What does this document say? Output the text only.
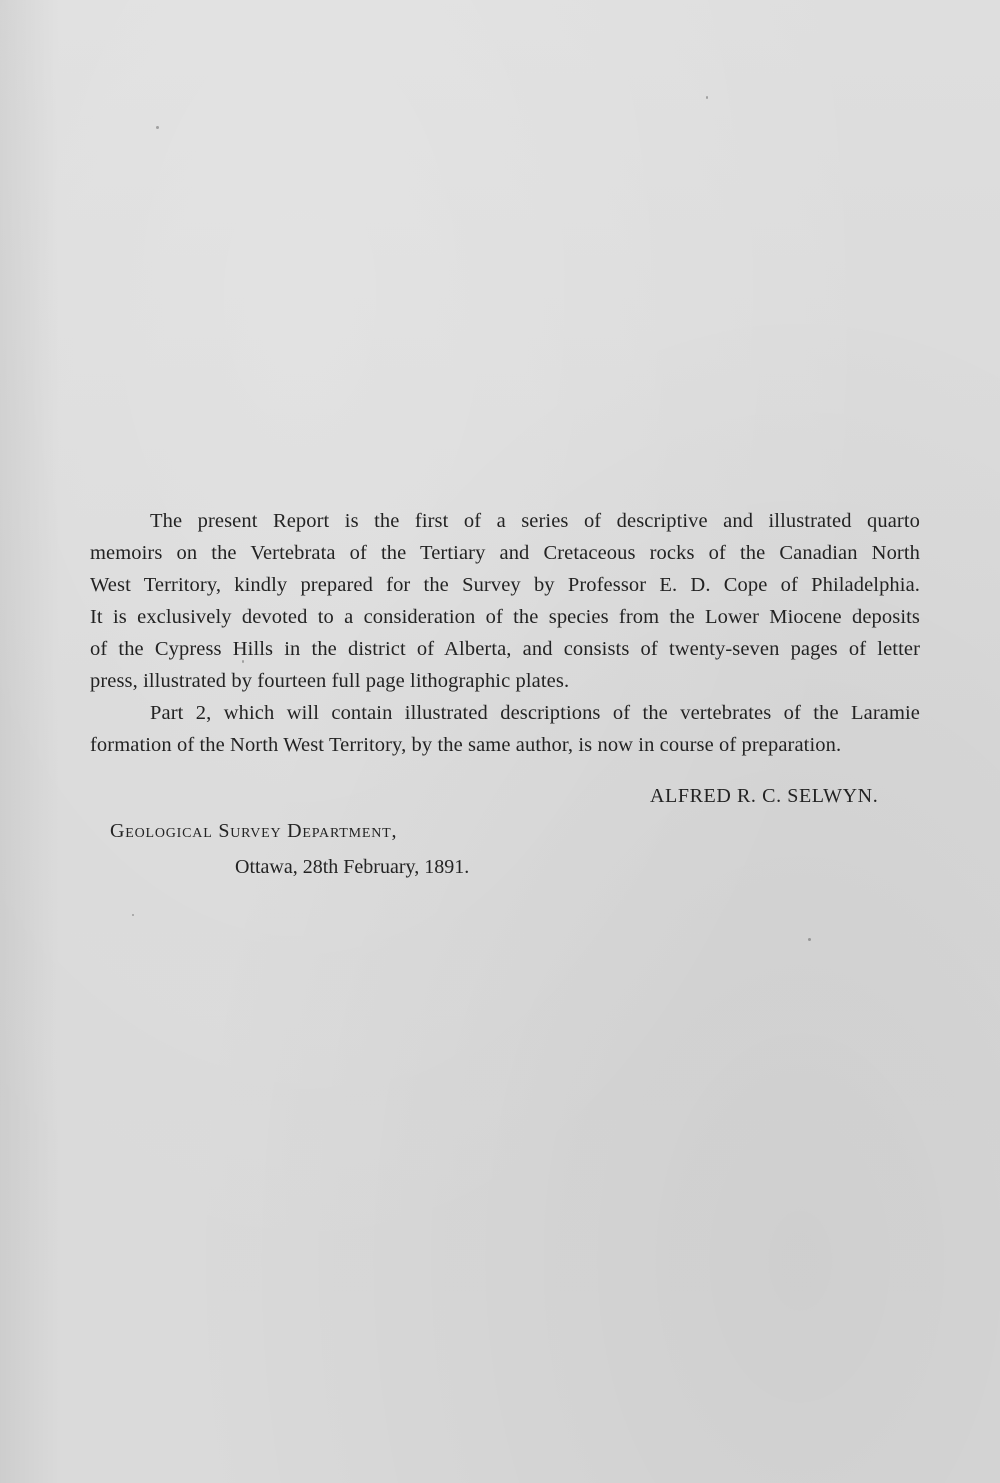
The present Report is the first of a series of descriptive and illustrated quarto
memoirs on the Vertebrata of the Tertiary and Cretaceous rocks of the Canadian North
West Territory, kindly prepared for the Survey by Professor E. D. Cope of Philadelphia.
It is exclusively devoted to a consideration of the species from the Lower Miocene deposits
of the Cypress Hills in the district of Alberta, and consists of twenty-seven pages of letter
press, illustrated by fourteen full page lithographic plates.
Part 2, which will contain illustrated descriptions of the vertebrates of the Laramie
formation of the North West Territory, by the same author, is now in course of preparation.
ALFRED R. C. SELWYN.
Geological Survey Department,
Ottawa, 28th February, 1891.
